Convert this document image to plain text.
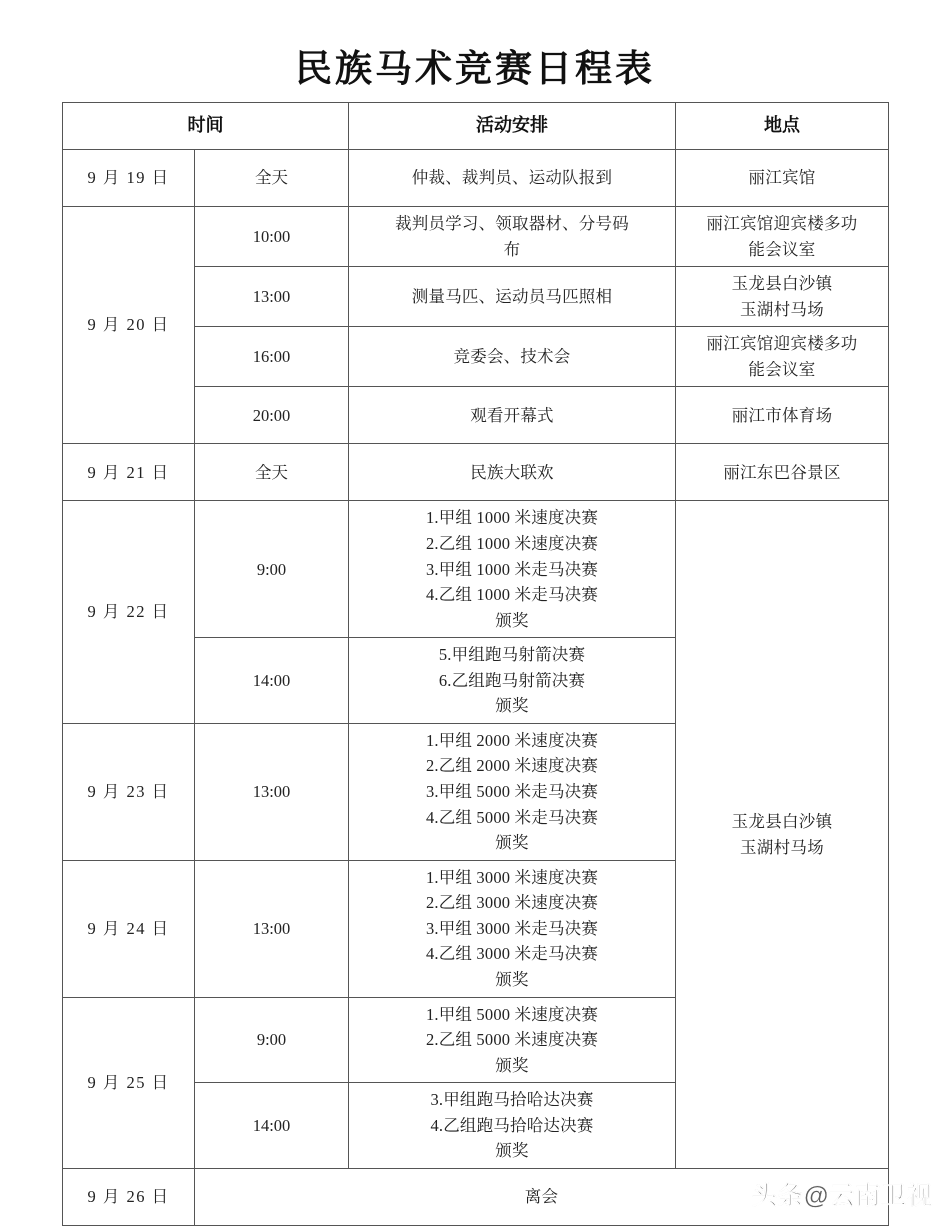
民族马术竞赛日程表
时间		活动安排	地点
9 月 19 日	全天	仲裁、裁判员、运动队报到	丽江宾馆

9 月 20 日	10:00	裁判员学习、领取器材、分号码
布	丽江宾馆迎宾楼多功
能会议室

	13:00	测量马匹、运动员马匹照相	玉龙县白沙镇
玉湖村马场

	16:00	竞委会、技术会	丽江宾馆迎宾楼多功
能会议室

	20:00	观看开幕式	丽江市体育场

9 月 21 日	全天	民族大联欢	丽江东巴谷景区

9 月 22 日	9:00	1.甲组 1000 米速度决赛
2.乙组 1000 米速度决赛
3.甲组 1000 米走马决赛
4.乙组 1000 米走马决赛
颁奖	玉龙县白沙镇
玉湖村马场

	14:00	5.甲组跑马射箭决赛
6.乙组跑马射箭决赛
颁奖	

9 月 23 日	13:00	1.甲组 2000 米速度决赛
2.乙组 2000 米速度决赛
3.甲组 5000 米走马决赛
4.乙组 5000 米走马决赛
颁奖	

9 月 24 日	13:00	1.甲组 3000 米速度决赛
2.乙组 3000 米速度决赛
3.甲组 3000 米走马决赛
4.乙组 3000 米走马决赛
颁奖	

9 月 25 日	9:00	1.甲组 5000 米速度决赛
2.乙组 5000 米速度决赛
颁奖	

	14:00	3.甲组跑马拾哈达决赛
4.乙组跑马拾哈达决赛
颁奖	

9 月 26 日	离会			头条@云南卫视
